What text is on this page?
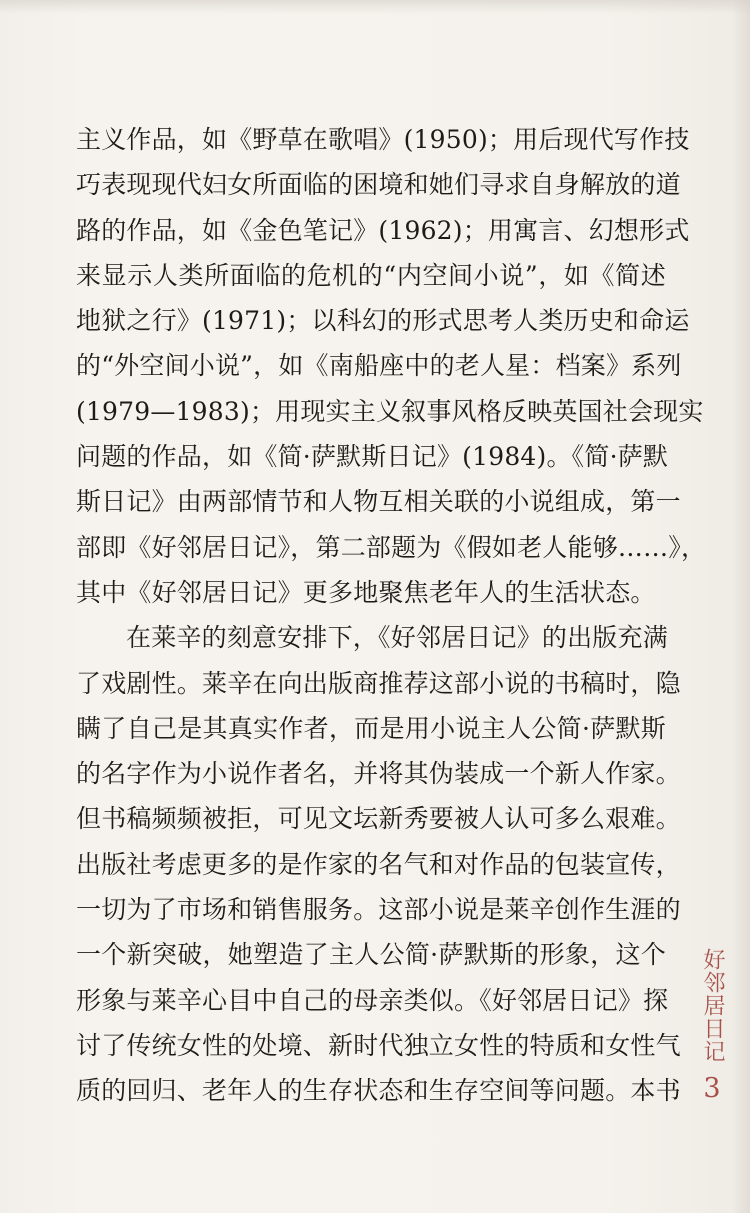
主义作品，如《野草在歌唱》(1950)；用后现代写作技
巧表现现代妇女所面临的困境和她们寻求自身解放的道
路的作品，如《金色笔记》(1962)；用寓言、幻想形式
来显示人类所面临的危机的“内空间小说”，如《简述
地狱之行》(1971)；以科幻的形式思考人类历史和命运
的“外空间小说”，如《南船座中的老人星：档案》系列
(1979—1983)；用现实主义叙事风格反映英国社会现实
问题的作品，如《简·萨默斯日记》(1984)。《简·萨默
斯日记》由两部情节和人物互相关联的小说组成，第一
部即《好邻居日记》，第二部题为《假如老人能够……》，
其中《好邻居日记》更多地聚焦老年人的生活状态。
在莱辛的刻意安排下，《好邻居日记》的出版充满
了戏剧性。莱辛在向出版商推荐这部小说的书稿时，隐
瞒了自己是其真实作者，而是用小说主人公简·萨默斯
的名字作为小说作者名，并将其伪装成一个新人作家。
但书稿频频被拒，可见文坛新秀要被人认可多么艰难。
出版社考虑更多的是作家的名气和对作品的包装宣传，
一切为了市场和销售服务。这部小说是莱辛创作生涯的
一个新突破，她塑造了主人公简·萨默斯的形象，这个
形象与莱辛心目中自己的母亲类似。《好邻居日记》探
讨了传统女性的处境、新时代独立女性的特质和女性气
质的回归、老年人的生存状态和生存空间等问题。本书
好邻居日记
3
